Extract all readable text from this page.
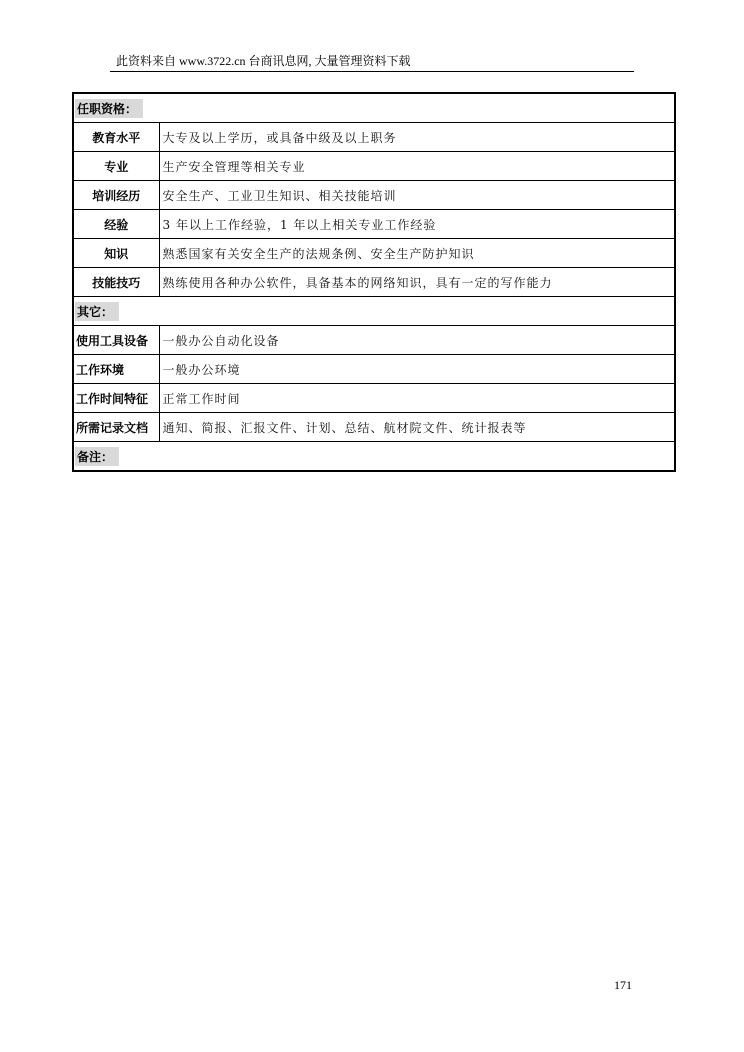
此资料来自 www.3722.cn 台商讯息网, 大量管理资料下载
任职资格：	
教育水平	大专及以上学历，或具备中级及以上职务
专业	生产安全管理等相关专业
培训经历	安全生产、工业卫生知识、相关技能培训
经验	3 年以上工作经验，1 年以上相关专业工作经验
知识	熟悉国家有关安全生产的法规条例、安全生产防护知识
技能技巧	熟练使用各种办公软件，具备基本的网络知识，具有一定的写作能力
其它：	
使用工具设备	一般办公自动化设备
工作环境	一般办公环境
工作时间特征	正常工作时间
所需记录文档	通知、简报、汇报文件、计划、总结、航材院文件、统计报表等
备注：	
171
